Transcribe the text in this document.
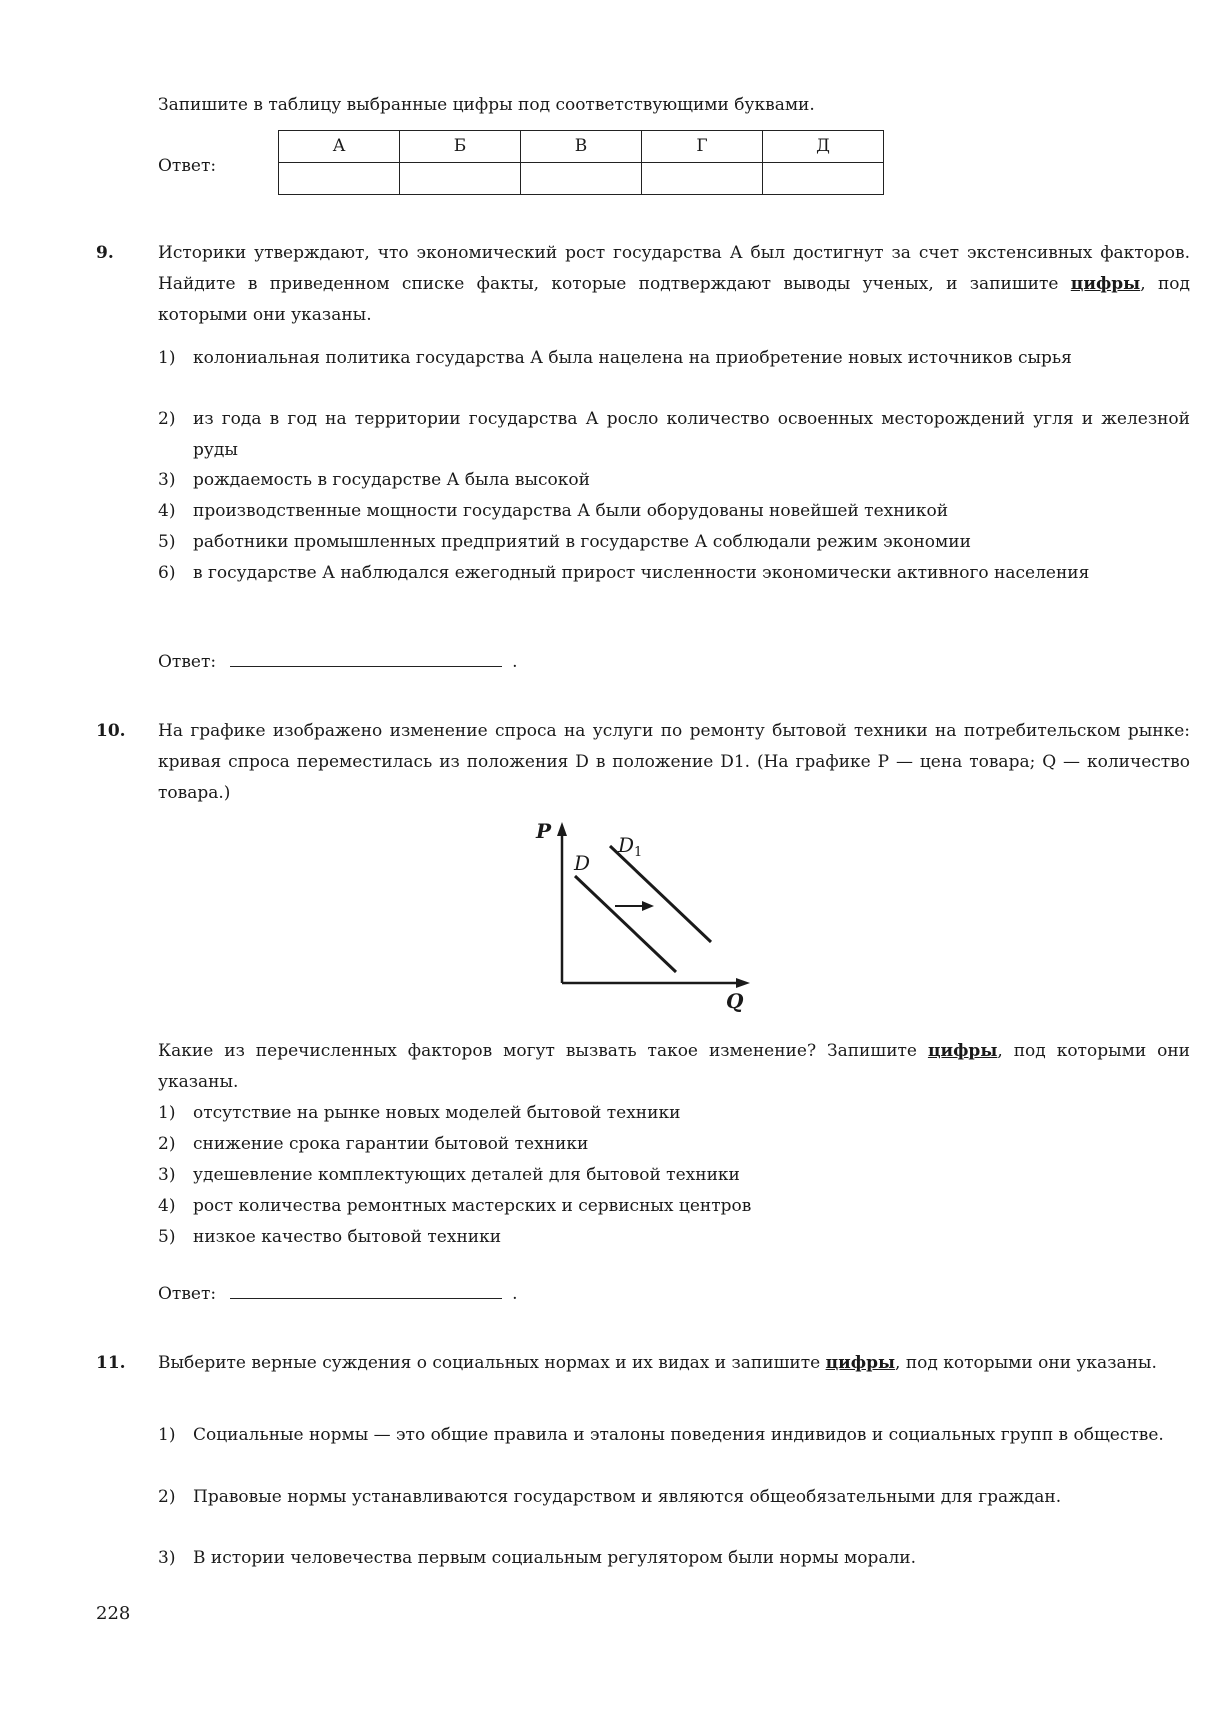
Запишите в таблицу выбранные цифры под соответствующими буквами.
Ответ:
А	Б	В	Г	Д

9.	Историки утверждают, что экономический рост государства А был достигнут за счет экстенсивных факторов. Найдите в приведенном списке факты, которые подтверждают выводы ученых, и запишите цифры, под которыми они указаны.
1) колониальная политика государства А была нацелена на приобретение новых источников сырья
2) из года в год на территории государства А росло количество освоенных месторождений угля и железной руды
3) рождаемость в государстве А была высокой
4) производственные мощности государства А были оборудованы новейшей техникой
5) работники промышленных предприятий в государстве А соблюдали режим экономии
6) в государстве А наблюдался ежегодный прирост численности экономически активного населения
Ответ:	.
10. На графике изображено изменение спроса на услуги по ремонту бытовой техники на потребительском рынке: кривая спроса переместилась из положения D в положение D1. (На графике P — цена товара; Q — количество товара.)
P
Q
D
$D_1$
Какие из перечисленных факторов могут вызвать такое изменение? Запишите цифры, под которыми они указаны.
1) отсутствие на рынке новых моделей бытовой техники
2) снижение срока гарантии бытовой техники
3) удешевление комплектующих деталей для бытовой техники
4) рост количества ремонтных мастерских и сервисных центров
5) низкое качество бытовой техники
Ответ:	.
11. Выберите верные суждения о социальных нормах и их видах и запишите цифры, под которыми они указаны.
1) Социальные нормы — это общие правила и эталоны поведения индивидов и социальных групп в обществе.
2) Правовые нормы устанавливаются государством и являются общеобязательными для граждан.
3) В истории человечества первым социальным регулятором были нормы морали.
228
